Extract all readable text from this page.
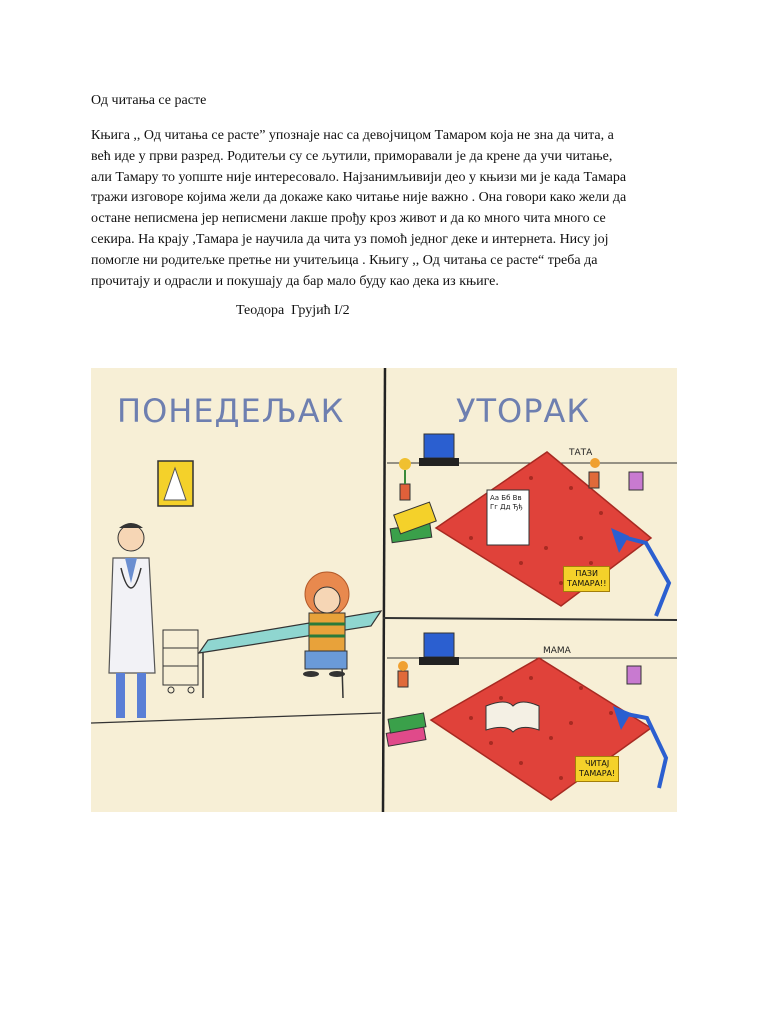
Од читања се расте
Књига ,, Од читања се расте” упознаје нас са девојчицом Тамаром која не зна да чита, а
већ иде у први разред. Родитељи су се љутили, приморавали је да крене да учи читање,
али Тамару то уопште није интересовало. Најзанимљивији део у књизи ми је када Тамара
тражи изговоре којима жели да докаже како читање није важно . Она говори како жели да
остане неписмена јер неписмени лакше прођу кроз живот и да ко много чита много се
секира. На крају ,Тамара је научила да чита уз помоћ једног деке и интернета. Нису јој
помогле ни родитељке претње ни учитељица . Књигу ,, Од читања се расте“ треба да
прочитају и одрасли и покушају да бар мало буду као дека из књиге.
Теодора  Грујић I/2
ПОНЕДЕЉАК	УТОРАК
ТАТА
МАМА
ПАЗИ
ТАМАРА!!
ЧИТАЈ
ТАМАРА!
Аа Бб Вв Гг Дд Ђђ
